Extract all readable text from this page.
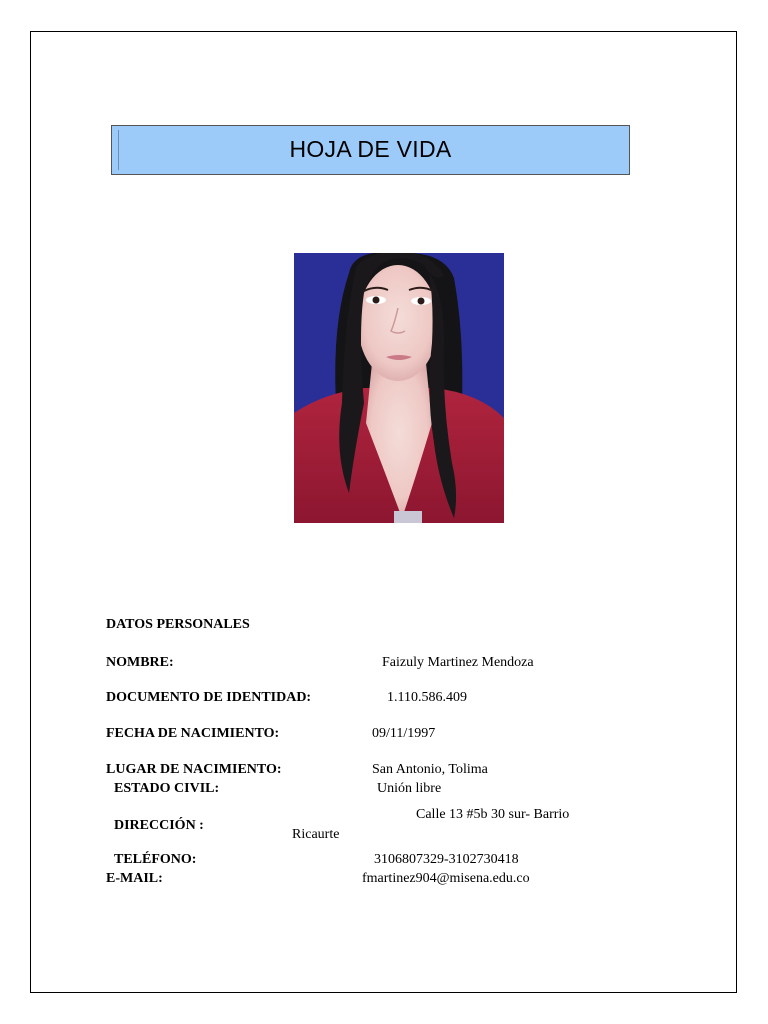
HOJA DE VIDA
DATOS PERSONALES
NOMBRE:	Faizuly Martinez Mendoza
DOCUMENTO DE IDENTIDAD:	1.110.586.409
FECHA DE NACIMIENTO:	09/11/1997
LUGAR DE NACIMIENTO:	San Antonio, Tolima
ESTADO CIVIL:	Unión libre
DIRECCIÓN :
Calle 13 #5b 30 sur- Barrio
Ricaurte
TELÉFONO:	3106807329-3102730418
E-MAIL:	fmartinez904@misena.edu.co
